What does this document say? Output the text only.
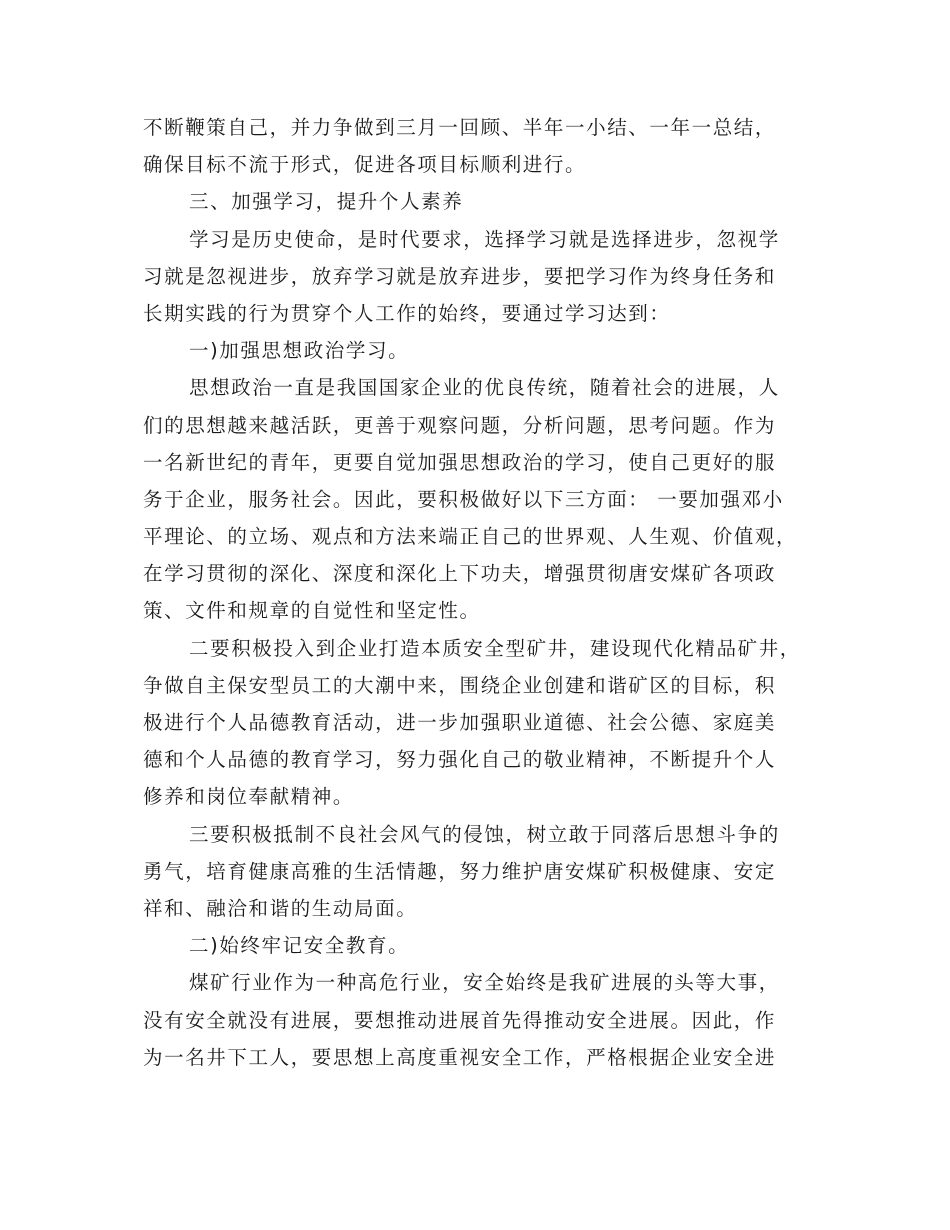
不断鞭策自己，并力争做到三月一回顾、半年一小结、一年一总结，
确保目标不流于形式，促进各项目标顺利进行。
三、加强学习，提升个人素养
学习是历史使命，是时代要求，选择学习就是选择进步，忽视学
习就是忽视进步，放弃学习就是放弃进步，要把学习作为终身任务和
长期实践的行为贯穿个人工作的始终，要通过学习达到：
一)加强思想政治学习。
思想政治一直是我国国家企业的优良传统，随着社会的进展，人
们的思想越来越活跃，更善于观察问题，分析问题，思考问题。作为
一名新世纪的青年，更要自觉加强思想政治的学习，使自己更好的服
务于企业，服务社会。因此，要积极做好以下三方面： 一要加强邓小
平理论、的立场、观点和方法来端正自己的世界观、人生观、价值观，
在学习贯彻的深化、深度和深化上下功夫，增强贯彻唐安煤矿各项政
策、文件和规章的自觉性和坚定性。
二要积极投入到企业打造本质安全型矿井，建设现代化精品矿井，
争做自主保安型员工的大潮中来，围绕企业创建和谐矿区的目标，积
极进行个人品德教育活动，进一步加强职业道德、社会公德、家庭美
德和个人品德的教育学习，努力强化自己的敬业精神，不断提升个人
修养和岗位奉献精神。
三要积极抵制不良社会风气的侵蚀，树立敢于同落后思想斗争的
勇气，培育健康高雅的生活情趣，努力维护唐安煤矿积极健康、安定
祥和、融洽和谐的生动局面。
二)始终牢记安全教育。
煤矿行业作为一种高危行业，安全始终是我矿进展的头等大事，
没有安全就没有进展，要想推动进展首先得推动安全进展。因此，作
为一名井下工人，要思想上高度重视安全工作，严格根据企业安全进
